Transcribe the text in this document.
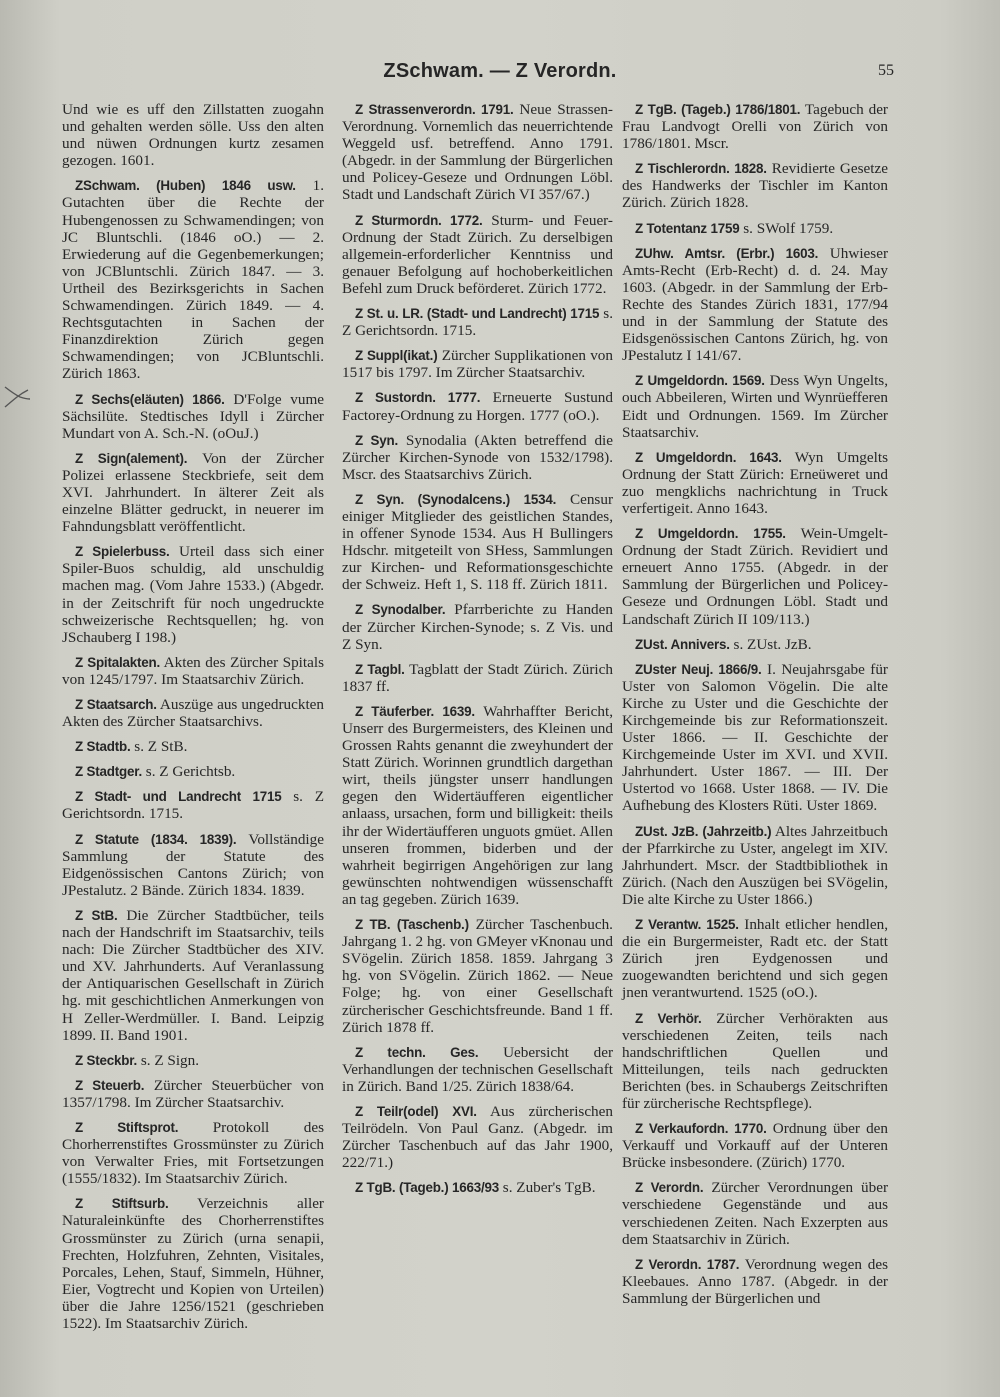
ZSchwam. — Z Verordn.	55

Und wie es uff den Zillstatten zuogahn und gehalten werden sölle. Uss den alten und nüwen Ordnungen kurtz zesamen gezogen. 1601.

ZSchwam. (Huben) 1846 usw. 1. Gutachten über die Rechte der Hubengenossen zu Schwamendingen; von JC Bluntschli. (1846 oO.) — 2. Erwiederung auf die Gegenbemerkungen; von JCBluntschli. Zürich 1847. — 3. Urtheil des Bezirksgerichts in Sachen Schwamendingen. Zürich 1849. — 4. Rechtsgutachten in Sachen der Finanzdirektion Zürich gegen Schwamendingen; von JCBluntschli. Zürich 1863.

Z Sechs(eläuten) 1866. D'Folge vume Sächsilüte. Stedtisches Idyll i Zürcher Mundart von A. Sch.-N. (oOuJ.)

Z Sign(alement). Von der Zürcher Polizei erlassene Steckbriefe, seit dem XVI. Jahrhundert. In älterer Zeit als einzelne Blätter gedruckt, in neuerer im Fahndungsblatt veröffentlicht.

Z Spielerbuss. Urteil dass sich einer Spiler-Buos schuldig, ald unschuldig machen mag. (Vom Jahre 1533.) (Abgedr. in der Zeitschrift für noch ungedruckte schweizerische Rechtsquellen; hg. von JSchauberg I 198.)

Z Spitalakten. Akten des Zürcher Spitals von 1245/1797. Im Staatsarchiv Zürich.

Z Staatsarch. Auszüge aus ungedruckten Akten des Zürcher Staatsarchivs.

Z Stadtb. s. Z StB.

Z Stadtger. s. Z Gerichtsb.

Z Stadt- und Landrecht 1715 s. Z Gerichtsordn. 1715.

Z Statute (1834. 1839). Vollständige Sammlung der Statute des Eidgenössischen Cantons Zürich; von JPestalutz. 2 Bände. Zürich 1834. 1839.

Z StB. Die Zürcher Stadtbücher, teils nach der Handschrift im Staatsarchiv, teils nach: Die Zürcher Stadtbücher des XIV. und XV. Jahrhunderts. Auf Veranlassung der Antiquarischen Gesellschaft in Zürich hg. mit geschichtlichen Anmerkungen von H Zeller-Werdmüller. I. Band. Leipzig 1899. II. Band 1901.

Z Steckbr. s. Z Sign.

Z Steuerb. Zürcher Steuerbücher von 1357/1798. Im Zürcher Staatsarchiv.

Z Stiftsprot. Protokoll des Chorherrenstiftes Grossmünster zu Zürich von Verwalter Fries, mit Fortsetzungen (1555/1832). Im Staatsarchiv Zürich.

Z Stiftsurb. Verzeichnis aller Naturaleinkünfte des Chorherrenstiftes Grossmünster zu Zürich (urna senapii, Frechten, Holzfuhren, Zehnten, Visitales, Porcales, Lehen, Stauf, Simmeln, Hühner, Eier, Vogtrecht und Kopien von Urteilen) über die Jahre 1256/1521 (geschrieben 1522). Im Staatsarchiv Zürich.

Z Strassenverordn. 1791. Neue Strassen-Verordnung. Vornemlich das neuerrichtende Weggeld usf. betreffend. Anno 1791. (Abgedr. in der Sammlung der Bürgerlichen und Policey-Geseze und Ordnungen Löbl. Stadt und Landschaft Zürich VI 357/67.)

Z Sturmordn. 1772. Sturm- und Feuer-Ordnung der Stadt Zürich. Zu derselbigen allgemein-erforderlicher Kenntniss und genauer Befolgung auf hochoberkeitlichen Befehl zum Druck beförderet. Zürich 1772.

Z St. u. LR. (Stadt- und Landrecht) 1715 s. Z Gerichtsordn. 1715.

Z Suppl(ikat.) Zürcher Supplikationen von 1517 bis 1797. Im Zürcher Staatsarchiv.

Z Sustordn. 1777. Erneuerte Sustund Factorey-Ordnung zu Horgen. 1777 (oO.).

Z Syn. Synodalia (Akten betreffend die Zürcher Kirchen-Synode von 1532/1798). Mscr. des Staatsarchivs Zürich.

Z Syn. (Synodalcens.) 1534. Censur einiger Mitglieder des geistlichen Standes, in offener Synode 1534. Aus H Bullingers Hdschr. mitgeteilt von SHess, Sammlungen zur Kirchen- und Reformationsgeschichte der Schweiz. Heft 1, S. 118 ff. Zürich 1811.

Z Synodalber. Pfarrberichte zu Handen der Zürcher Kirchen-Synode; s. Z Vis. und Z Syn.

Z Tagbl. Tagblatt der Stadt Zürich. Zürich 1837 ff.

Z Täuferber. 1639. Wahrhaffter Bericht, Unserr des Burgermeisters, des Kleinen und Grossen Rahts genannt die zweyhundert der Statt Zürich. Worinnen grundtlich dargethan wirt, theils jüngster unserr handlungen gegen den Widertäufferen eigentlicher anlaass, ursachen, form und billigkeit: theils ihr der Widertäufferen unguots gmüet. Allen unseren frommen, biderben und der wahrheit begirrigen Angehörigen zur lang gewünschten nohtwendigen wüssenschafft an tag gegeben. Zürich 1639.

Z TB. (Taschenb.) Zürcher Taschenbuch. Jahrgang 1. 2 hg. von GMeyer vKnonau und SVögelin. Zürich 1858. 1859. Jahrgang 3 hg. von SVögelin. Zürich 1862. — Neue Folge; hg. von einer Gesellschaft zürcherischer Geschichtsfreunde. Band 1 ff. Zürich 1878 ff.

Z techn. Ges. Uebersicht der Verhandlungen der technischen Gesellschaft in Zürich. Band 1/25. Zürich 1838/64.

Z Teilr(odel) XVI. Aus zürcherischen Teilrödeln. Von Paul Ganz. (Abgedr. im Zürcher Taschenbuch auf das Jahr 1900, 222/71.)

Z TgB. (Tageb.) 1663/93 s. Zuber's TgB.

Z TgB. (Tageb.) 1786/1801. Tagebuch der Frau Landvogt Orelli von Zürich von 1786/1801. Mscr.

Z Tischlerordn. 1828. Revidierte Gesetze des Handwerks der Tischler im Kanton Zürich. Zürich 1828.

Z Totentanz 1759 s. SWolf 1759.

ZUhw. Amtsr. (Erbr.) 1603. Uhwieser Amts-Recht (Erb-Recht) d. d. 24. May 1603. (Abgedr. in der Sammlung der Erb-Rechte des Standes Zürich 1831, 177/94 und in der Sammlung der Statute des Eidsgenössischen Cantons Zürich, hg. von JPestalutz I 141/67.

Z Umgeldordn. 1569. Dess Wyn Ungelts, ouch Abbeileren, Wirten und Wynrüefferen Eidt und Ordnungen. 1569. Im Zürcher Staatsarchiv.

Z Umgeldordn. 1643. Wyn Umgelts Ordnung der Statt Zürich: Erneüweret und zuo mengklichs nachrichtung in Truck verfertigeit. Anno 1643.

Z Umgeldordn. 1755. Wein-Umgelt-Ordnung der Stadt Zürich. Revidiert und erneuert Anno 1755. (Abgedr. in der Sammlung der Bürgerlichen und Policey-Geseze und Ordnungen Löbl. Stadt und Landschaft Zürich II 109/113.)

ZUst. Annivers. s. ZUst. JzB.

ZUster Neuj. 1866/9. I. Neujahrsgabe für Uster von Salomon Vögelin. Die alte Kirche zu Uster und die Geschichte der Kirchgemeinde bis zur Reformationszeit. Uster 1866. — II. Geschichte der Kirchgemeinde Uster im XVI. und XVII. Jahrhundert. Uster 1867. — III. Der Ustertod vo 1668. Uster 1868. — IV. Die Aufhebung des Klosters Rüti. Uster 1869.

ZUst. JzB. (Jahrzeitb.) Altes Jahrzeitbuch der Pfarrkirche zu Uster, angelegt im XIV. Jahrhundert. Mscr. der Stadtbibliothek in Zürich. (Nach den Auszügen bei SVögelin, Die alte Kirche zu Uster 1866.)

Z Verantw. 1525. Inhalt etlicher hendlen, die ein Burgermeister, Radt etc. der Statt Zürich jren Eydgenossen und zuogewandten berichtend und sich gegen jnen verantwurtend. 1525 (oO.).

Z Verhör. Zürcher Verhörakten aus verschiedenen Zeiten, teils nach handschriftlichen Quellen und Mitteilungen, teils nach gedruckten Berichten (bes. in Schaubergs Zeitschriften für zürcherische Rechtspflege).

Z Verkaufordn. 1770. Ordnung über den Verkauff und Vorkauff auf der Unteren Brücke insbesondere. (Zürich) 1770.

Z Verordn. Zürcher Verordnungen über verschiedene Gegenstände und aus verschiedenen Zeiten. Nach Exzerpten aus dem Staatsarchiv in Zürich.

Z Verordn. 1787. Verordnung wegen des Kleebaues. Anno 1787. (Abgedr. in der Sammlung der Bürgerlichen und
